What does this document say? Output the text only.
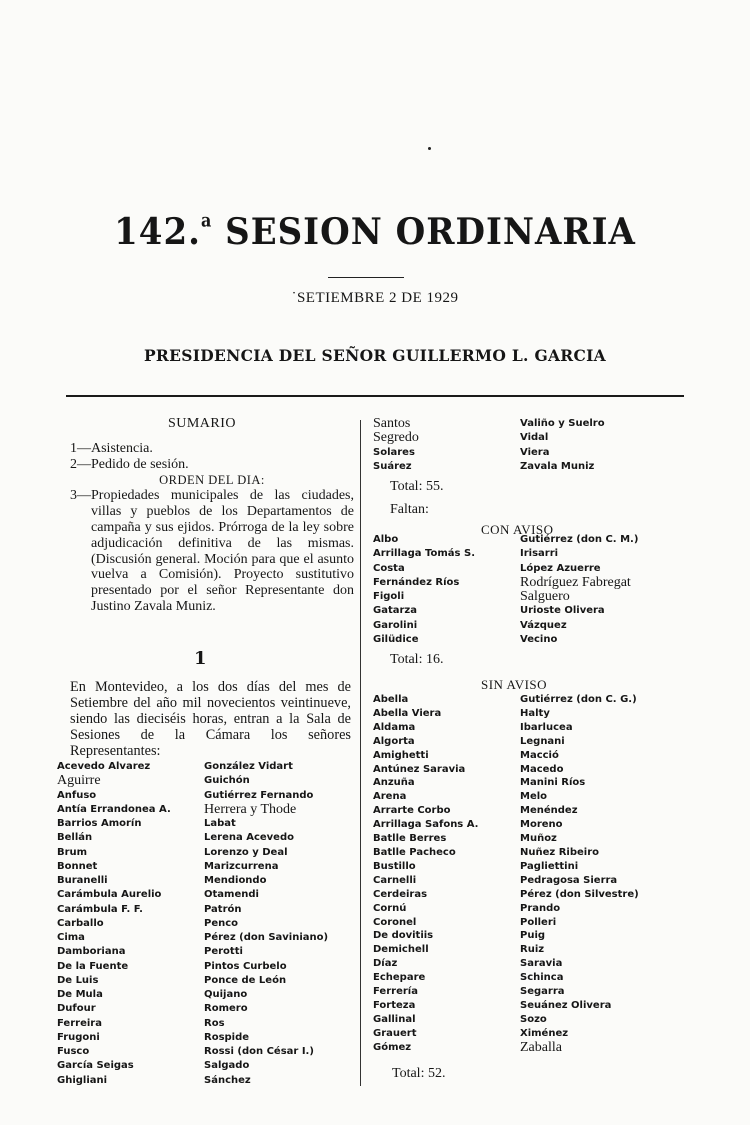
142.$^a$ SESION ORDINARIA
˙SETIEMBRE 2 DE 1929
PRESIDENCIA DEL SEÑOR GUILLERMO L. GARCIA
SUMARIO
1— Asistencia.
2— Pedido de sesión.
ORDEN DEL DIA:
3— Propiedades municipales de las ciudades, villas y pueblos de los Departamentos de campaña y sus ejidos. Prórroga de la ley sobre adjudicación definitiva de las mismas. (Discusión general. Moción para que el asunto vuelva a Comisión). Proyecto sustitutivo presentado por el señor Representante don Justino Zavala Muniz.
1
En Montevideo, a los dos días del mes de Setiembre del año mil novecientos veintinueve, siendo las dieciséis horas, entran a la Sala de Sesiones de la Cámara los señores Representantes:
Acevedo Alvarez
Aguirre
Anfuso
Antía Errandonea A.
Barrios Amorín
Bellán
Brum
Bonnet
Buranelli
Carámbula Aurelio
Carámbula F. F.
Carballo
Cima
Damboriana
De la Fuente
De Luis
De Mula
Dufour
Ferreira
Frugoni
Fusco
García Seigas
Ghigliani
González Vidart
Guichón
Gutiérrez Fernando
Herrera y Thode
Labat
Lerena Acevedo
Lorenzo y Deal
Marizcurrena
Mendiondo
Otamendi
Patrón
Penco
Pérez (don Saviniano)
Perotti
Pintos Curbelo
Ponce de León
Quijano
Romero
Ros
Rospide
Rossi (don César I.)
Salgado
Sánchez
Santos
Segredo
Solares
Suárez
Valiño y Suelro
Vidal
Viera
Zavala Muniz
Total: 55.
Faltan:
CON AVISO
Albo
Arrillaga Tomás S.
Costa
Fernández Ríos
Figoli
Gatarza
Garolini
Gilüdice
Gutiérrez (don C. M.)
Irisarri
López Azuerre
Rodríguez Fabregat
Salguero
Urioste Olivera
Vázquez
Vecino
Total: 16.
SIN AVISO
Abella
Abella Viera
Aldama
Algorta
Amighetti
Antúnez Saravia
Anzuña
Arena
Arrarte Corbo
Arrillaga Safons A.
Batlle Berres
Batlle Pacheco
Bustillo
Carnelli
Cerdeiras
Cornú
Coronel
De dovitiis
Demichell
Díaz
Echepare
Ferrería
Forteza
Gallinal
Grauert
Gómez
Gutiérrez (don C. G.)
Halty
Ibarlucea
Legnani
Macció
Macedo
Manini Ríos
Melo
Menéndez
Moreno
Muñoz
Nuñez Ribeiro
Pagliettini
Pedragosa Sierra
Pérez (don Silvestre)
Prando
Polleri
Puig
Ruiz
Saravia
Schinca
Segarra
Seuánez Olivera
Sozo
Ximénez
Zaballa
Total: 52.
